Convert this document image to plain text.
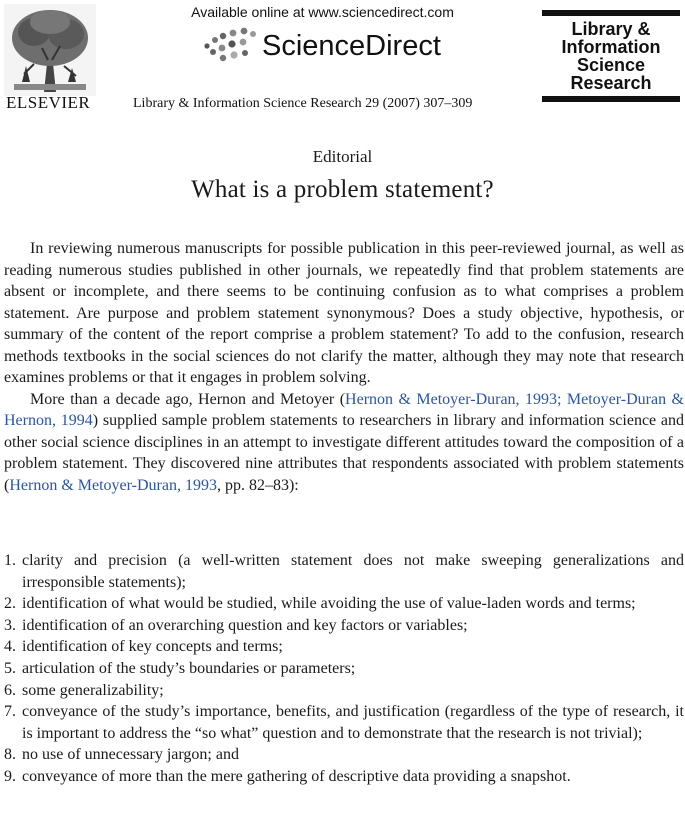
ELSEVIER
Available online at www.sciencedirect.com
ScienceDirect
Library & Information Science Research 29 (2007) 307–309
Library &
Information
Science
Research
Editorial
What is a problem statement?

In reviewing numerous manuscripts for possible publication in this peer-reviewed journal, as well as reading numerous studies published in other journals, we repeatedly find that problem statements are absent or incomplete, and there seems to be continuing confusion as to what comprises a problem statement. Are purpose and problem statement synonymous? Does a study objective, hypothesis, or summary of the content of the report comprise a problem statement? To add to the confusion, research methods textbooks in the social sciences do not clarify the matter, although they may note that research examines problems or that it engages in problem solving.

More than a decade ago, Hernon and Metoyer (Hernon & Metoyer-Duran, 1993; Metoyer-Duran & Hernon, 1994) supplied sample problem statements to researchers in library and information science and other social science disciplines in an attempt to investigate different attitudes toward the composition of a problem statement. They discovered nine attributes that respondents associated with problem statements (Hernon & Metoyer-Duran, 1993, pp. 82–83):

1. clarity and precision (a well-written statement does not make sweeping generalizations and irresponsible statements);
2. identification of what would be studied, while avoiding the use of value-laden words and terms;
3. identification of an overarching question and key factors or variables;
4. identification of key concepts and terms;
5. articulation of the study’s boundaries or parameters;
6. some generalizability;
7. conveyance of the study’s importance, benefits, and justification (regardless of the type of research, it is important to address the “so what” question and to demonstrate that the research is not trivial);
8. no use of unnecessary jargon; and
9. conveyance of more than the mere gathering of descriptive data providing a snapshot.
